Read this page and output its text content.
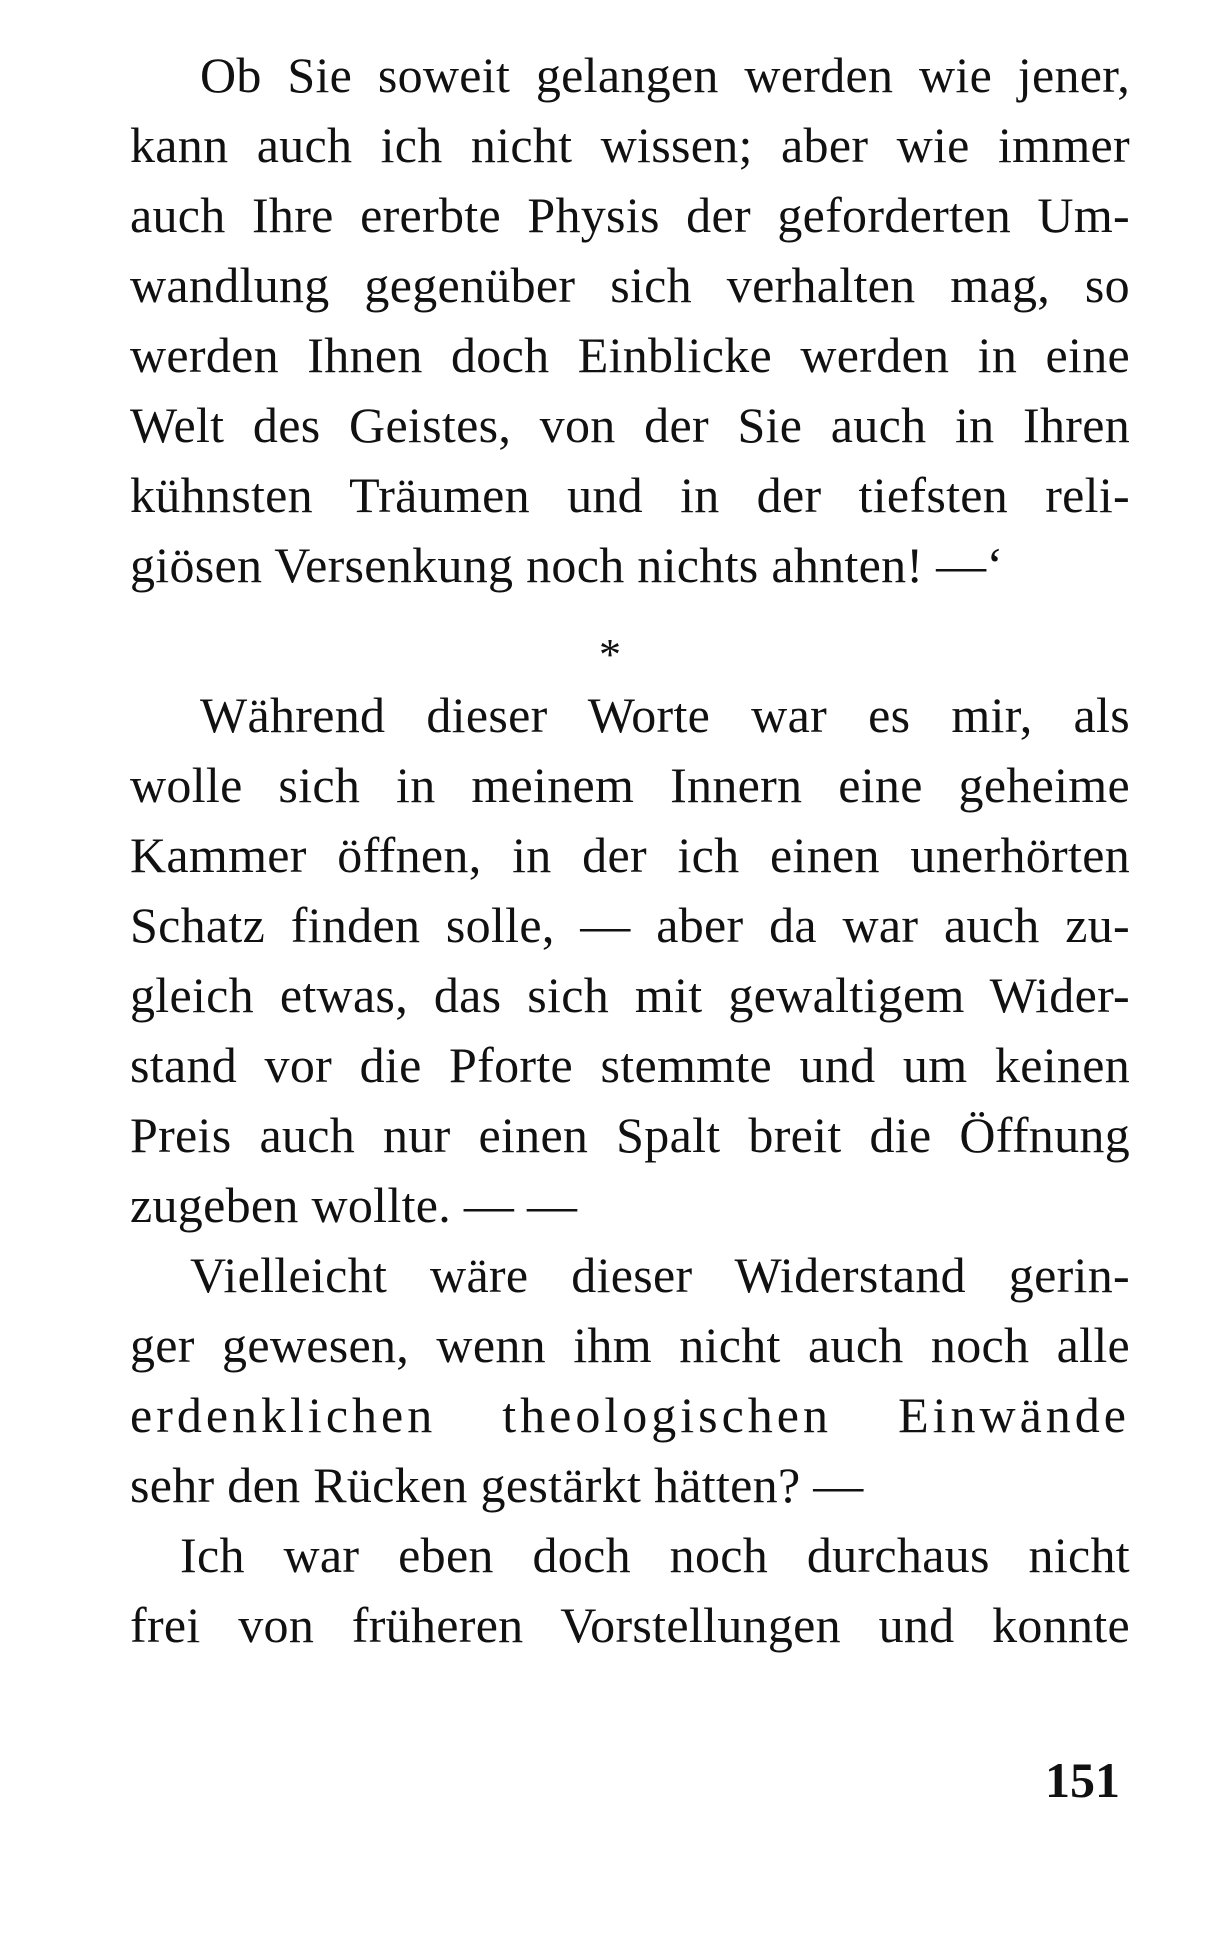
Ob Sie soweit gelangen werden wie jener,
kann auch ich nicht wissen; aber wie immer
auch Ihre ererbte Physis der geforderten Um-
wandlung gegenüber sich verhalten mag, so
werden Ihnen doch Einblicke werden in eine
Welt des Geistes, von der Sie auch in Ihren
kühnsten Träumen und in der tiefsten reli-
giösen Versenkung noch nichts ahnten! —‘
*
Während dieser Worte war es mir, als
wolle sich in meinem Innern eine geheime
Kammer öffnen, in der ich einen unerhörten
Schatz finden solle, — aber da war auch zu-
gleich etwas, das sich mit gewaltigem Wider-
stand vor die Pforte stemmte und um keinen
Preis auch nur einen Spalt breit die Öffnung
zugeben wollte. — —
Vielleicht wäre dieser Widerstand gerin-
ger gewesen, wenn ihm nicht auch noch alle
erdenklichen theologischen Einwände
sehr den Rücken gestärkt hätten? —
Ich war eben doch noch durchaus nicht
frei von früheren Vorstellungen und konnte
151
